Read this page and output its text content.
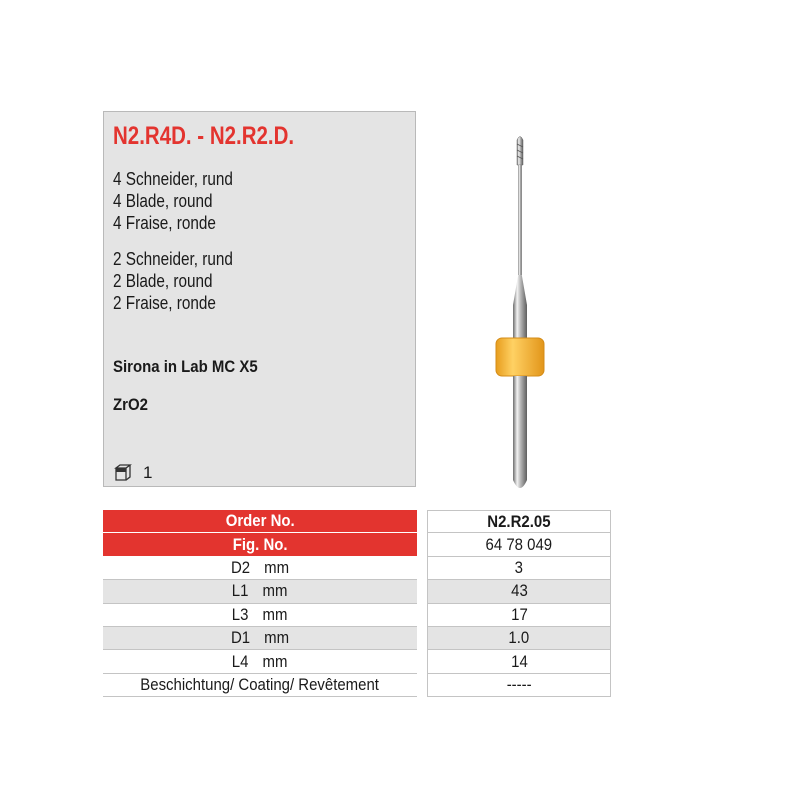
N2.R4D. - N2.R2.D.
4 Schneider, rund
4 Blade, round
4 Fraise, ronde
2 Schneider, rund
2 Blade, round
2 Fraise, ronde
Sirona in Lab MC X5
ZrO2
1
Order No.	N2.R2.05
Fig. No.	64 78 049
D2 mm	3
L1 mm	43
L3 mm	17
D1 mm	1.0
L4 mm	14
Beschichtung/ Coating/ Revêtement	-----
